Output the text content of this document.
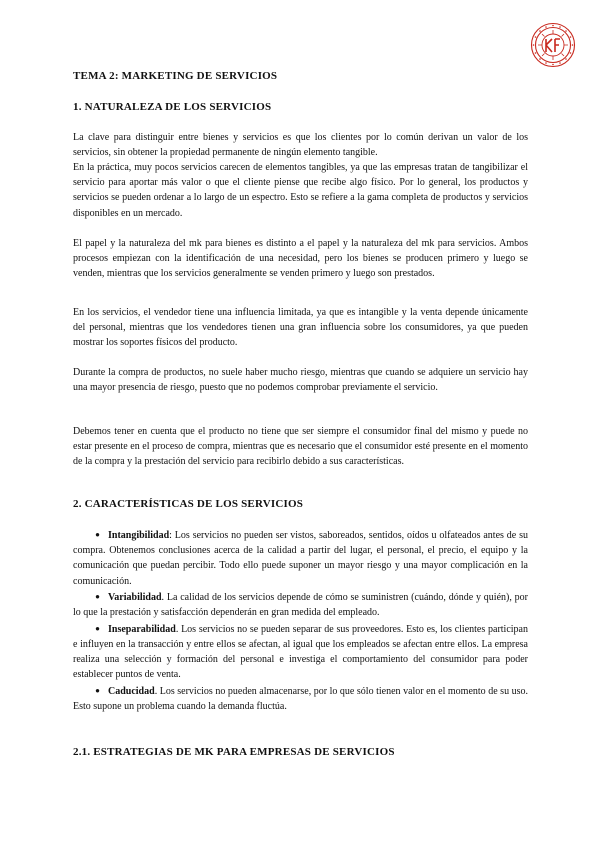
TEMA 2: MARKETING DE SERVICIOS
1. NATURALEZA DE LOS SERVICIOS

La clave para distinguir entre bienes y servicios es que los clientes por lo común derivan un valor de los servicios, sin obtener la propiedad permanente de ningún elemento tangible.

En la práctica, muy pocos servicios carecen de elementos tangibles, ya que las empresas tratan de tangibilizar el servicio para aportar más valor o que el cliente piense que recibe algo físico. Por lo general, los productos y servicios se pueden ordenar a lo largo de un espectro. Esto se refiere a la gama completa de productos y servicios disponibles en un mercado.

El papel y la naturaleza del mk para bienes es distinto a el papel y la naturaleza del mk para servicios. Ambos procesos empiezan con la identificación de una necesidad, pero los bienes se producen primero y luego se venden, mientras que los servicios generalmente se venden primero y luego son prestados.

En los servicios, el vendedor tiene una influencia limitada, ya que es intangible y la venta depende únicamente del personal, mientras que los vendedores tienen una gran influencia sobre los consumidores, ya que pueden mostrar los soportes físicos del producto.

Durante la compra de productos, no suele haber mucho riesgo, mientras que cuando se adquiere un servicio hay una mayor presencia de riesgo, puesto que no podemos comprobar previamente el servicio.

Debemos tener en cuenta que el producto no tiene que ser siempre el consumidor final del mismo y puede no estar presente en el proceso de compra, mientras que es necesario que el consumidor esté presente en el momento de la compra y la prestación del servicio para recibirlo debido a sus características.

2. CARACTERÍSTICAS DE LOS SERVICIOS
● Intangibilidad: Los servicios no pueden ser vistos, saboreados, sentidos, oídos u olfateados antes de su compra. Obtenemos conclusiones acerca de la calidad a partir del lugar, el personal, el precio, el equipo y la comunicación que puedan percibir. Todo ello puede suponer un mayor riesgo y una mayor complicación en la comunicación.
● Variabilidad. La calidad de los servicios depende de cómo se suministren (cuándo, dónde y quién), por lo que la prestación y satisfacción dependerán en gran medida del empleado.
● Inseparabilidad. Los servicios no se pueden separar de sus proveedores. Esto es, los clientes participan e influyen en la transacción y entre ellos se afectan, al igual que los empleados se afectan entre ellos. La empresa realiza una selección y formación del personal e investiga el comportamiento del consumidor para poder establecer puntos de venta.
● Caducidad. Los servicios no pueden almacenarse, por lo que sólo tienen valor en el momento de su uso. Esto supone un problema cuando la demanda fluctúa.
2.1. ESTRATEGIAS DE MK PARA EMPRESAS DE SERVICIOS
